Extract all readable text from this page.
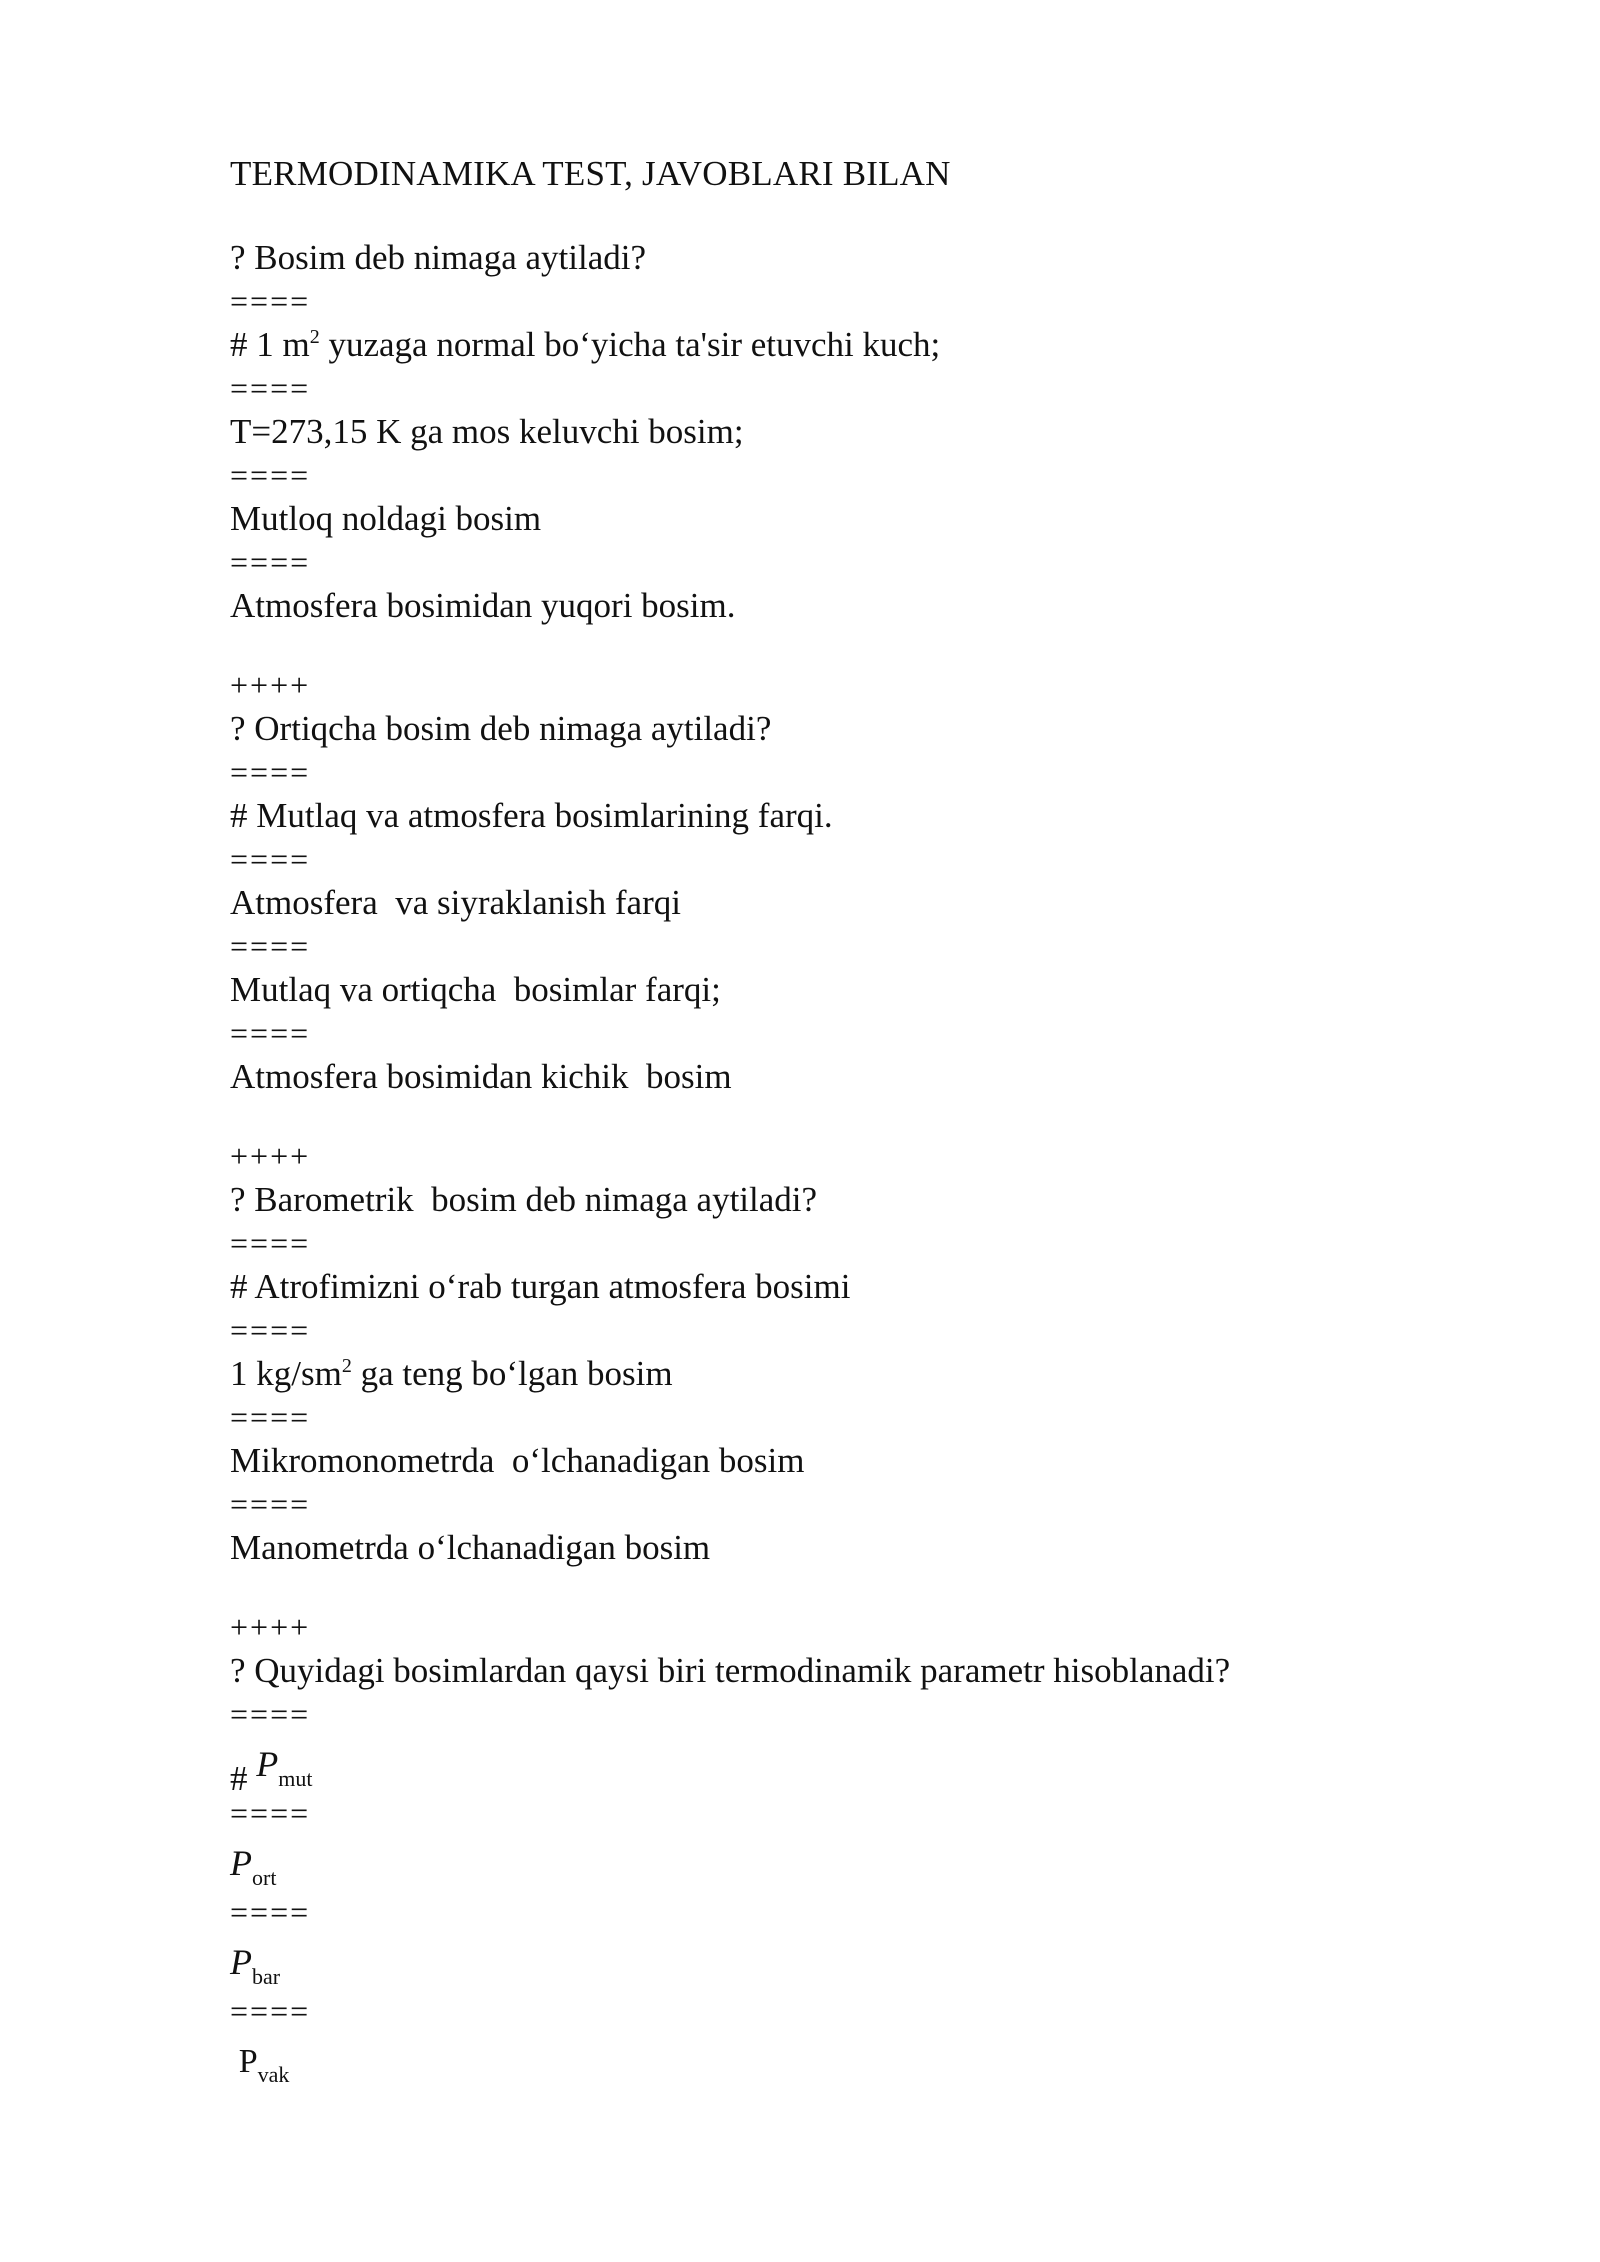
TERMODINAMIKA TEST, JAVOBLARI BILAN
? Bosim deb nimaga aytiladi?
====
# 1 $m^2$ yuzaga normal bo‘yicha ta'sir etuvchi kuch;
====
T=273,15 K ga mos keluvchi bosim;
====
Mutloq noldagi bosim
====
Atmosfera bosimidan yuqori bosim.
++++
? Ortiqcha bosim deb nimaga aytiladi?
====
# Mutlaq va atmosfera bosimlarining farqi.
====
Atmosfera  va siyraklanish farqi
====
Mutlaq va ortiqcha  bosimlar farqi;
====
Atmosfera bosimidan kichik  bosim
++++
? Barometrik  bosim deb nimaga aytiladi?
====
# Atrofimizni o‘rab turgan atmosfera bosimi
====
1 $kg/sm^2$ ga teng bo‘lgan bosim
====
Mikromonometrda  o‘lchanadigan bosim
====
Manometrda o‘lchanadigan bosim
++++
? Quyidagi bosimlardan qaysi biri termodinamik parametr hisoblanadi?
====
# $P_{mut}$
====
$P_{ort}$
====
$P_{bar}$
====
$P_{vak}$
